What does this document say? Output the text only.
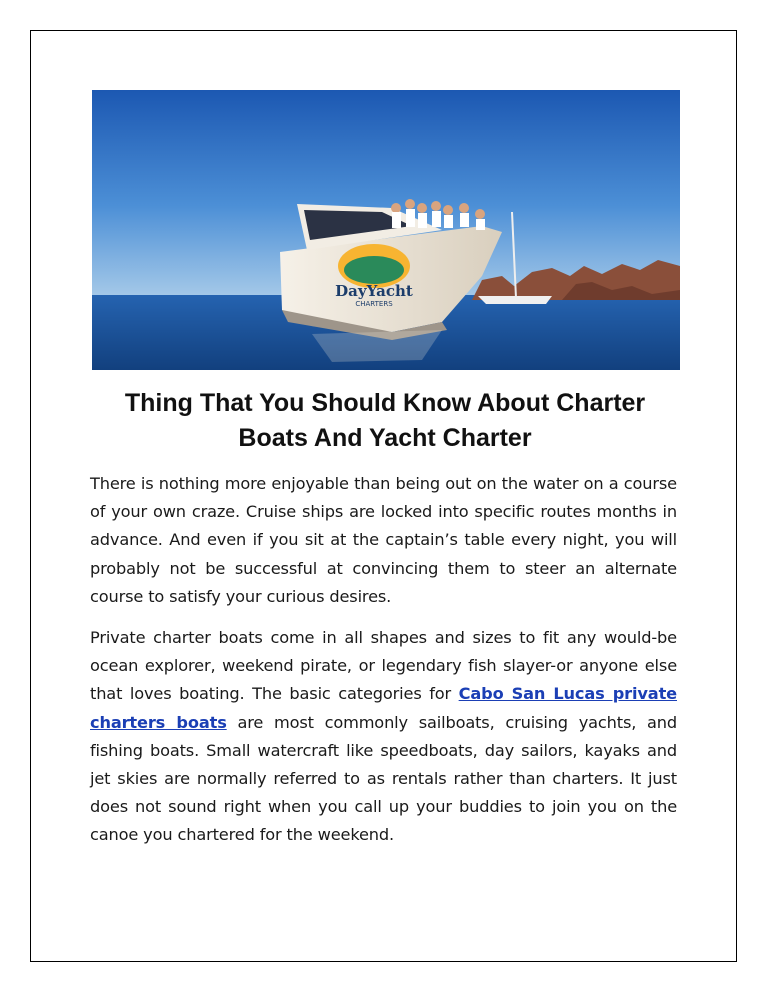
DayYacht
CHARTERS
Thing That You Should Know About Charter Boats And Yacht Charter

There is nothing more enjoyable than being out on the water on a course of your own craze. Cruise ships are locked into specific routes months in advance. And even if you sit at the captain’s table every night, you will probably not be successful at convincing them to steer an alternate course to satisfy your curious desires.

Private charter boats come in all shapes and sizes to fit any would-be ocean explorer, weekend pirate, or legendary fish slayer-or anyone else that loves boating. The basic categories for Cabo San Lucas private charters boats are most commonly sailboats, cruising yachts, and fishing boats. Small watercraft like speedboats, day sailors, kayaks and jet skies are normally referred to as rentals rather than charters. It just does not sound right when you call up your buddies to join you on the canoe you chartered for the weekend.
